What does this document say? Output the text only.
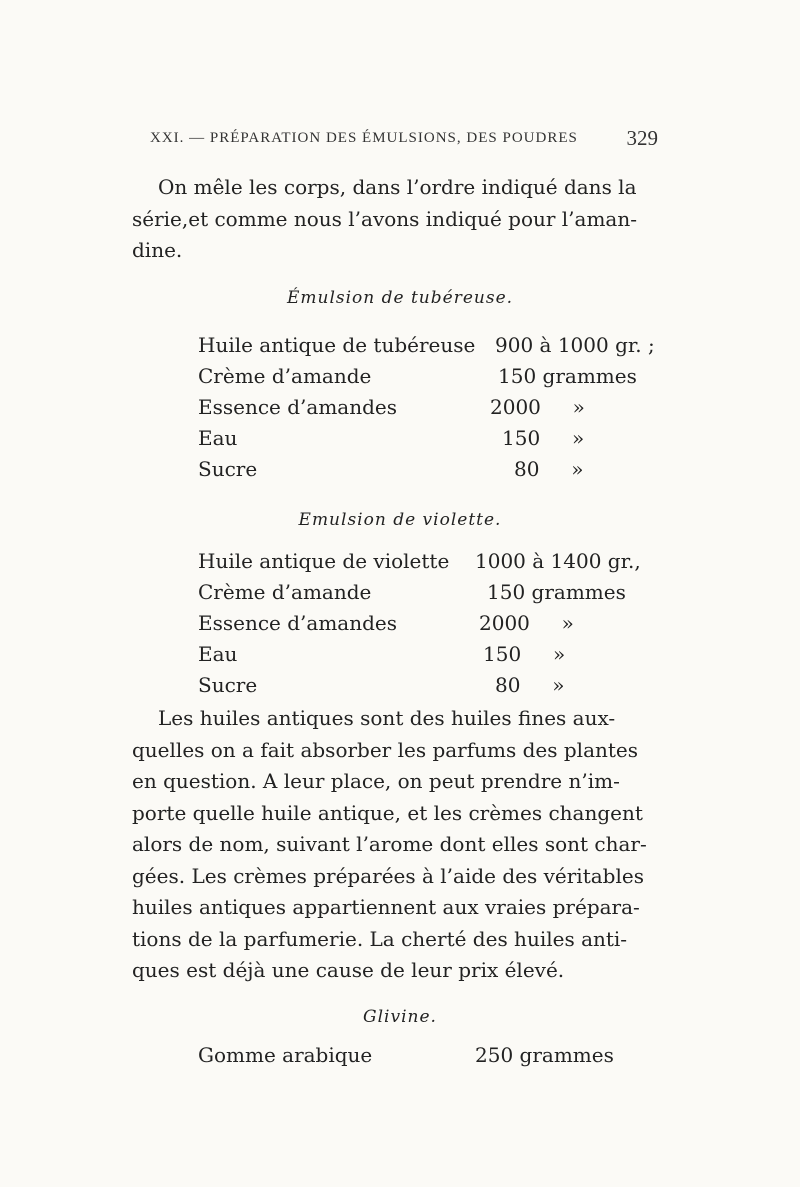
XXI. — PRÉPARATION DES ÉMULSIONS, DES POUDRES 329

On mêle les corps, dans l’ordre indiqué dans la
série,et comme nous l’avons indiqué pour l’aman-
dine.

Émulsion de tubéreuse.
Huile antique de tubéreuse 900 à 1000 gr. ;
Crème d’amande	150 grammes
Essence d’amandes	2000     »
Eau	150     »
Sucre	80     »
Emulsion de violette.
Huile antique de violette 1000 à 1400 gr.,
Crème d’amande	150 grammes
Essence d’amandes	2000     »
Eau	150     »
Sucre	80     »

Les huiles antiques sont des huiles fines aux-
quelles on a fait absorber les parfums des plantes
en question. A leur place, on peut prendre n’im-
porte quelle huile antique, et les crèmes changent
alors de nom, suivant l’arome dont elles sont char-
gées. Les crèmes préparées à l’aide des véritables
huiles antiques appartiennent aux vraies prépara-
tions de la parfumerie. La cherté des huiles anti-
ques est déjà une cause de leur prix élevé.

Glivine.
Gomme arabique	250 grammes
